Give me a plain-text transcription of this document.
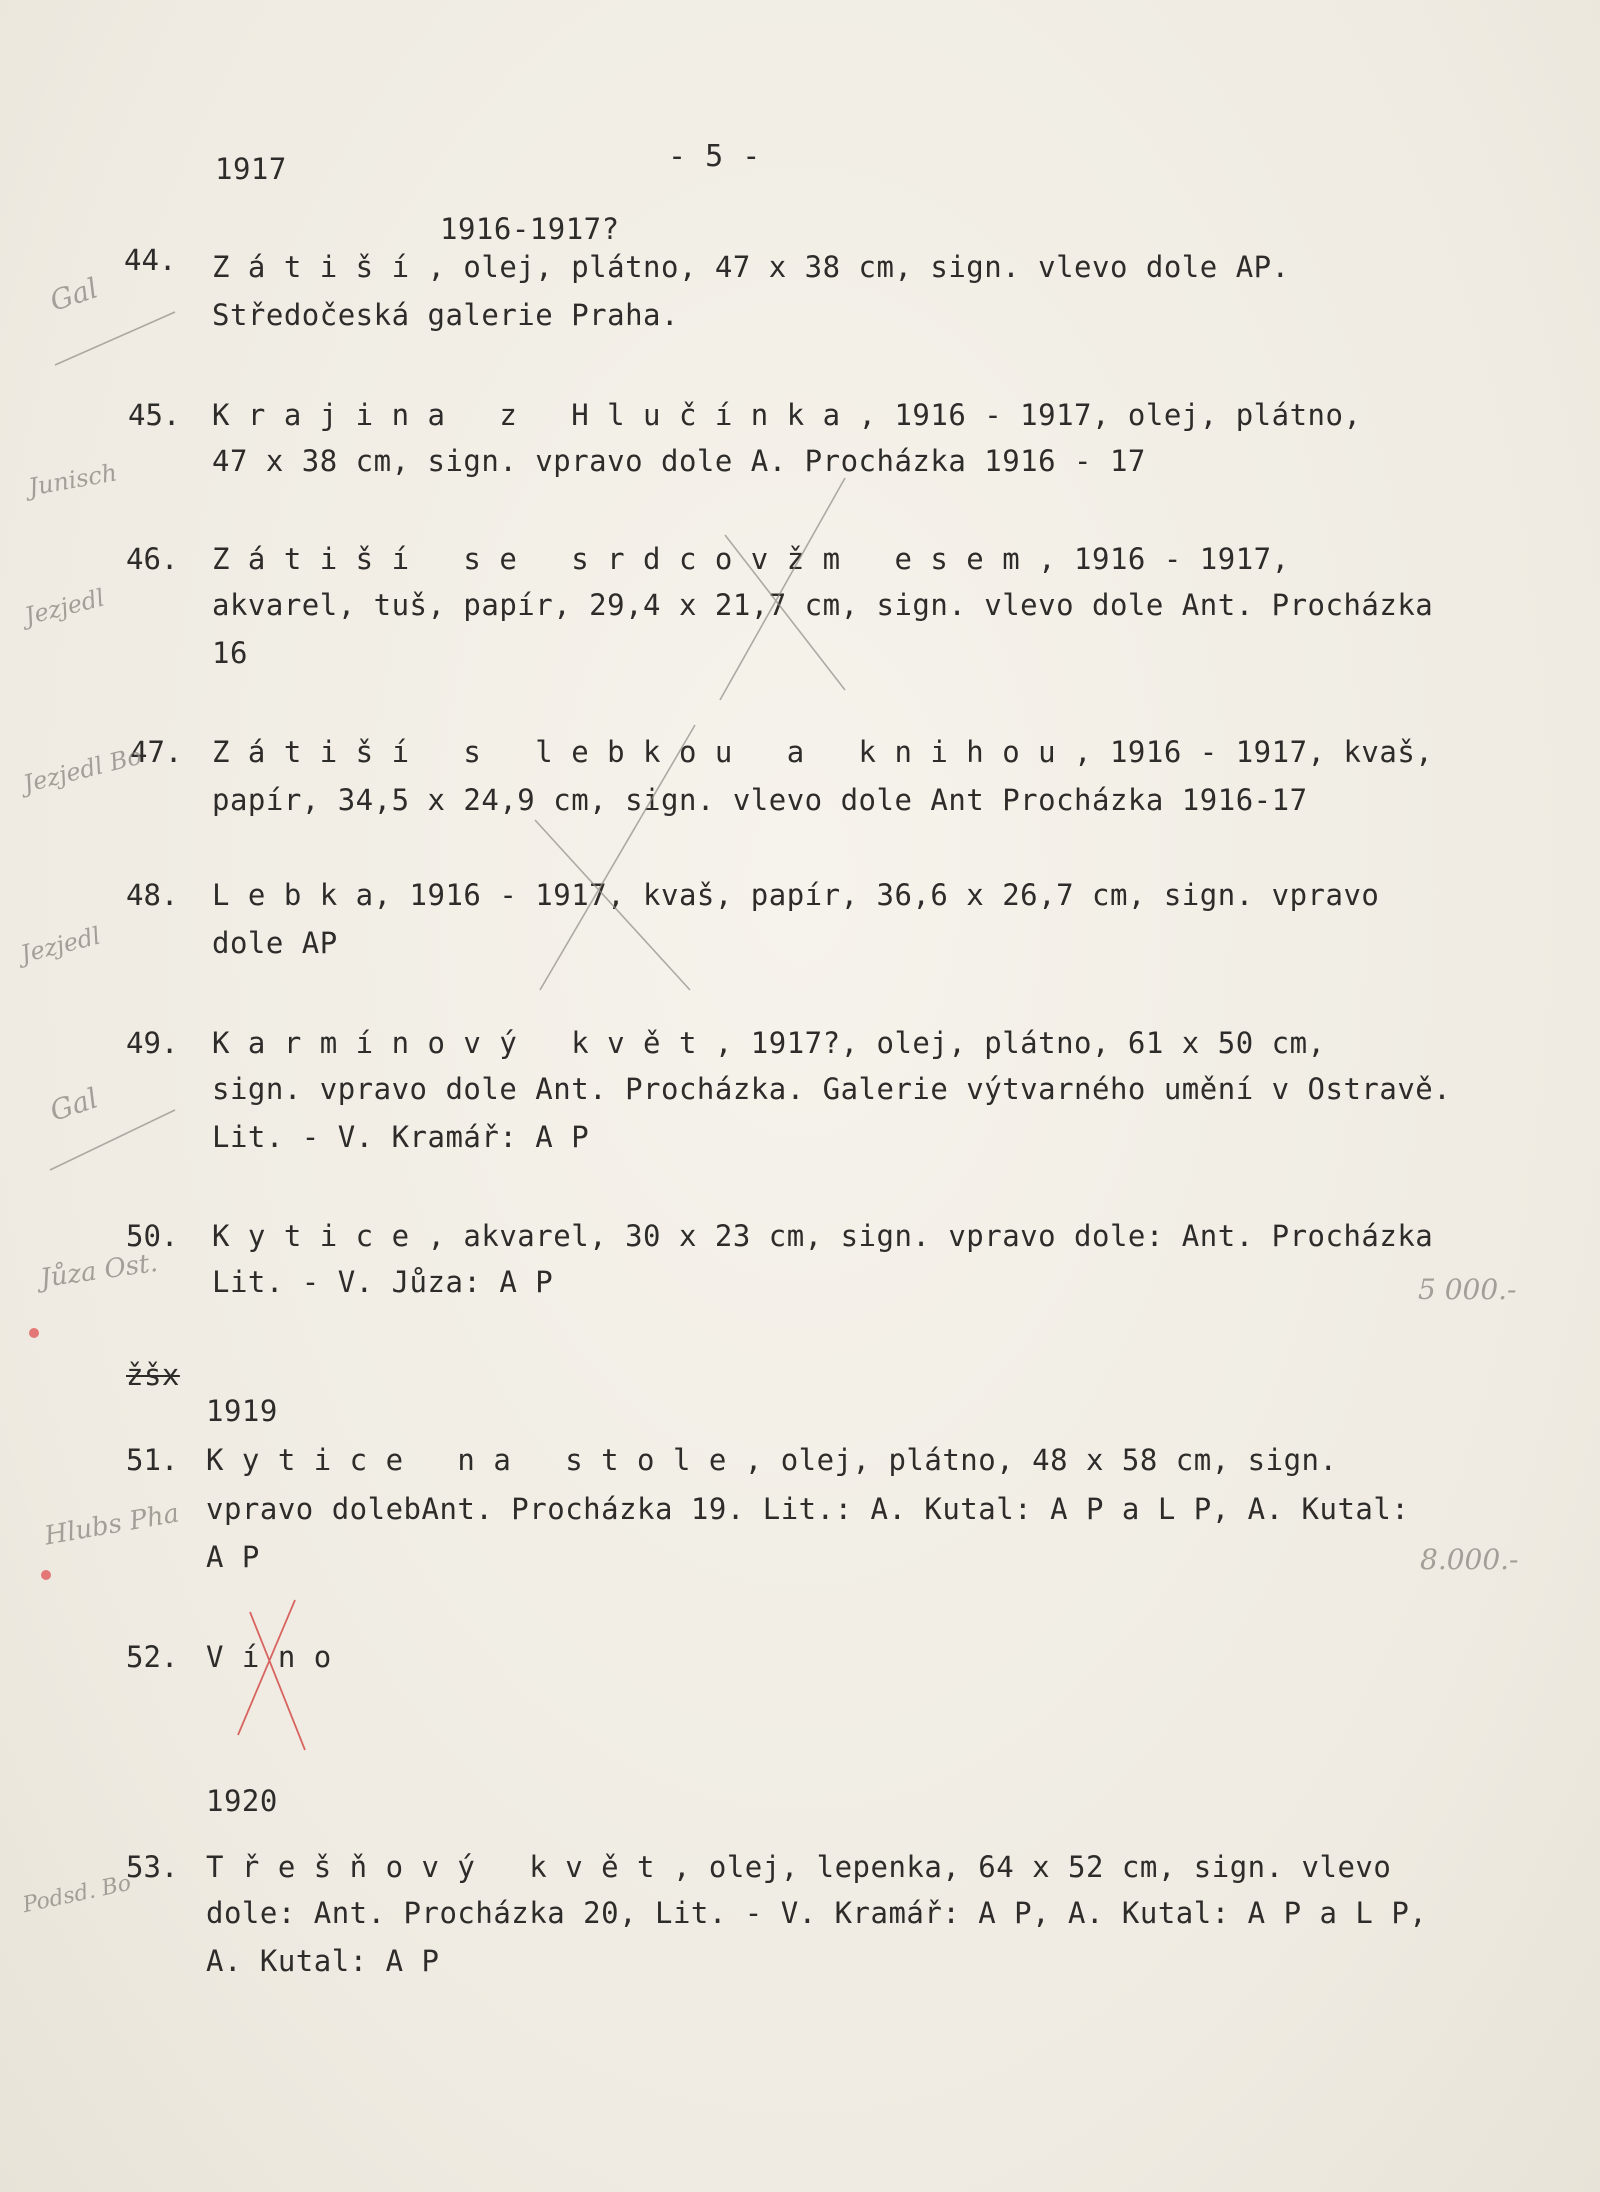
1917	- 5 -
1916-1917?
44. Z á t i š í , olej, plátno, 47 x 38 cm, sign. vlevo dole AP.
Středočeská galerie Praha.
Gal
45. K r a j i n a   z   H l u č í n k a , 1916 - 1917, olej, plátno,
47 x 38 cm, sign. vpravo dole A. Procházka 1916 - 17
Junisch
46. Z á t i š í   s e   s r d c o v ž m   e s e m , 1916 - 1917,
akvarel, tuš, papír, 29,4 x 21,7 cm, sign. vlevo dole Ant. Procházka
16
Jezjedl
47. Z á t i š í   s   l e b k o u   a   k n i h o u , 1916 - 1917, kvaš,
papír, 34,5 x 24,9 cm, sign. vlevo dole Ant Procházka 1916-17
Jezjedl Bo
48. L e b k a, 1916 - 1917, kvaš, papír, 36,6 x 26,7 cm, sign. vpravo
dole AP
Jezjedl
49. K a r m í n o v ý   k v ě t , 1917?, olej, plátno, 61 x 50 cm,
sign. vpravo dole Ant. Procházka. Galerie výtvarného umění v Ostravě.
Lit. - V. Kramář: A P
Gal
50. K y t i c e , akvarel, 30 x 23 cm, sign. vpravo dole: Ant. Procházka
Lit. - V. Jůza: A P
Jůza Ost.	5 000.-
žšx
1919
51. K y t i c e   n a   s t o l e , olej, plátno, 48 x 58 cm, sign.
vpravo dolebAnt. Procházka 19. Lit.: A. Kutal: A P a L P, A. Kutal:
A P
Hlubs Pha
8.000.-
52. V í n o
1920
53. T ř e š ň o v ý   k v ě t , olej, lepenka, 64 x 52 cm, sign. vlevo
dole: Ant. Procházka 20, Lit. - V. Kramář: A P, A. Kutal: A P a L P,
A. Kutal: A P
Podsd. Bo
